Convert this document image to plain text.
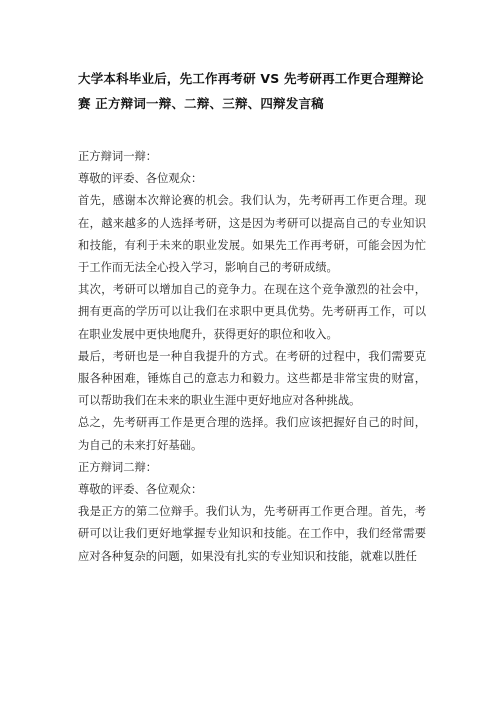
大学本科毕业后，先工作再考研 VS 先考研再工作更合理辩论赛 正方辩词一辩、二辩、三辩、四辩发言稿

正方辩词一辩：

尊敬的评委、各位观众：

首先，感谢本次辩论赛的机会。我们认为，先考研再工作更合理。现在，越来越多的人选择考研，这是因为考研可以提高自己的专业知识和技能，有利于未来的职业发展。如果先工作再考研，可能会因为忙于工作而无法全心投入学习，影响自己的考研成绩。

其次，考研可以增加自己的竞争力。在现在这个竞争激烈的社会中，拥有更高的学历可以让我们在求职中更具优势。先考研再工作，可以在职业发展中更快地爬升，获得更好的职位和收入。

最后，考研也是一种自我提升的方式。在考研的过程中，我们需要克服各种困难，锤炼自己的意志力和毅力。这些都是非常宝贵的财富，可以帮助我们在未来的职业生涯中更好地应对各种挑战。

总之，先考研再工作是更合理的选择。我们应该把握好自己的时间，为自己的未来打好基础。

正方辩词二辩：

尊敬的评委、各位观众：

我是正方的第二位辩手。我们认为，先考研再工作更合理。首先，考研可以让我们更好地掌握专业知识和技能。在工作中，我们经常需要应对各种复杂的问题，如果没有扎实的专业知识和技能，就难以胜任
